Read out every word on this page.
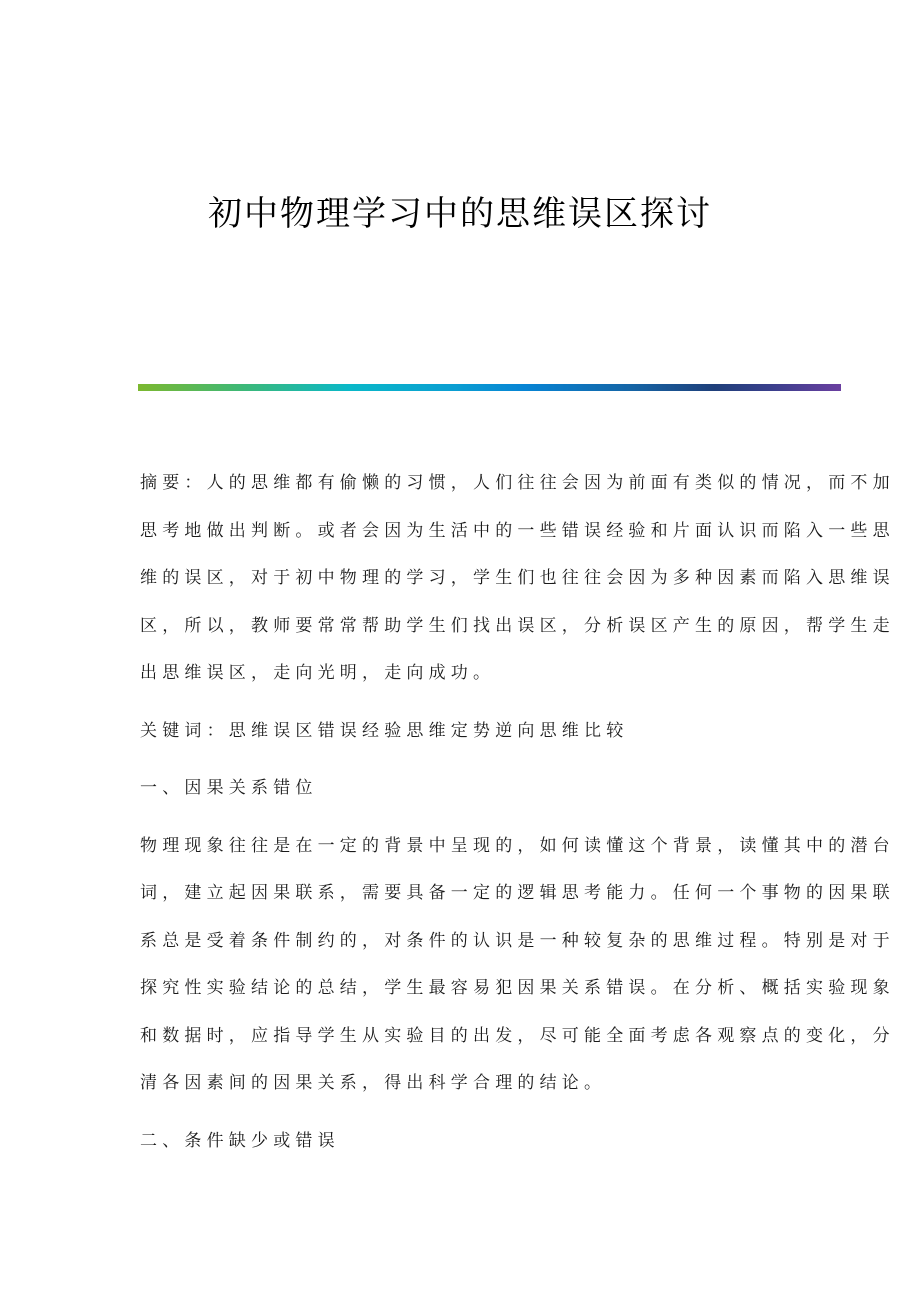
初中物理学习中的思维误区探讨

摘要：人的思维都有偷懒的习惯，人们往往会因为前面有类似的情况，而不加
思考地做出判断。或者会因为生活中的一些错误经验和片面认识而陷入一些思
维的误区，对于初中物理的学习，学生们也往往会因为多种因素而陷入思维误
区，所以，教师要常常帮助学生们找出误区，分析误区产生的原因，帮学生走
出思维误区，走向光明，走向成功。

关键词：思维误区错误经验思维定势逆向思维比较

一、因果关系错位

物理现象往往是在一定的背景中呈现的，如何读懂这个背景，读懂其中的潜台
词，建立起因果联系，需要具备一定的逻辑思考能力。任何一个事物的因果联
系总是受着条件制约的，对条件的认识是一种较复杂的思维过程。特别是对于
探究性实验结论的总结，学生最容易犯因果关系错误。在分析、概括实验现象
和数据时，应指导学生从实验目的出发，尽可能全面考虑各观察点的变化，分
清各因素间的因果关系，得出科学合理的结论。

二、条件缺少或错误
